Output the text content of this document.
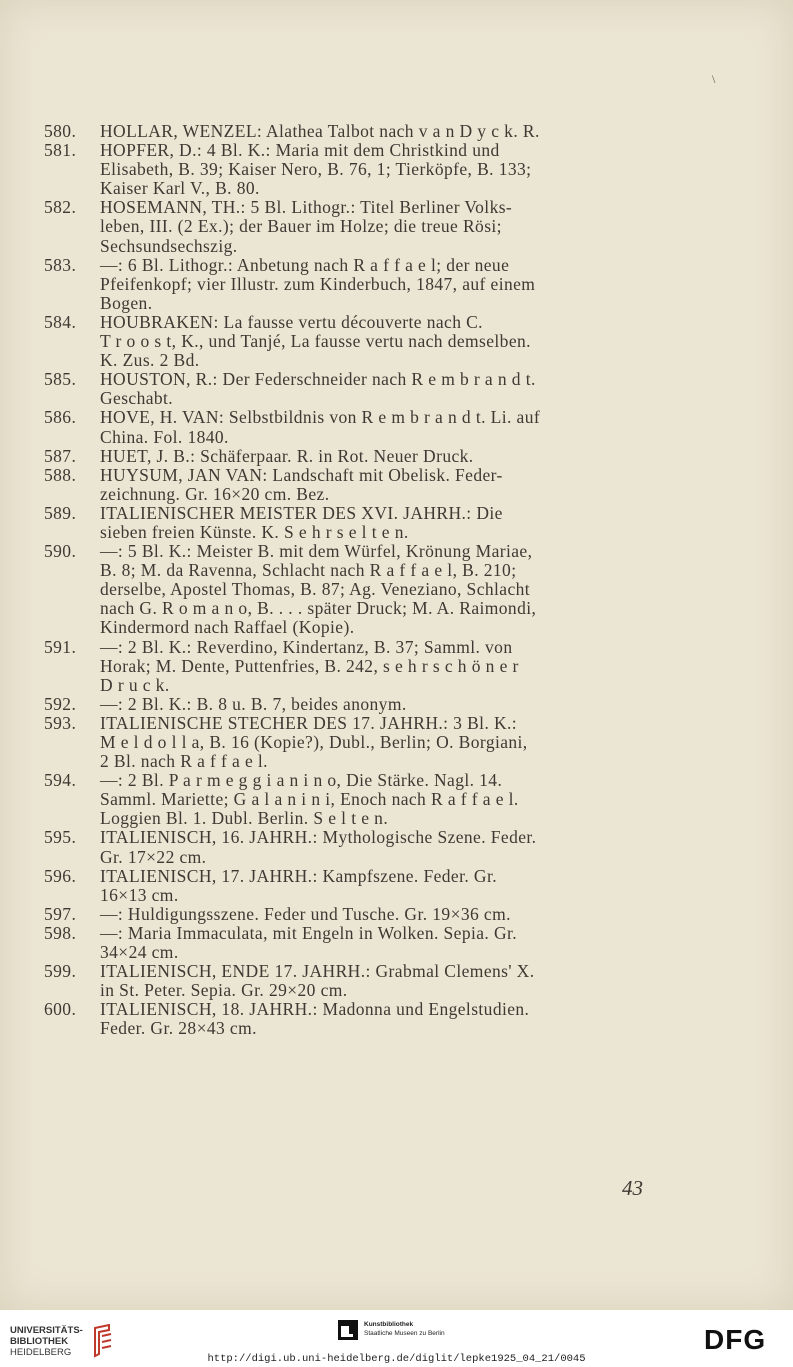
\

580.	HOLLAR, WENZEL: Alathea Talbot nach v a n D y c k. R.
581.	HOPFER, D.: 4 Bl. K.: Maria mit dem Christkind und
Elisabeth, B. 39; Kaiser Nero, B. 76, 1; Tierköpfe, B. 133;
Kaiser Karl V., B. 80.
582.	HOSEMANN, TH.: 5 Bl. Lithogr.: Titel Berliner Volks-
leben, III. (2 Ex.); der Bauer im Holze; die treue Rösi;
Sechsundsechszig.
583.	—: 6 Bl. Lithogr.: Anbetung nach R a f f a e l; der neue
Pfeifenkopf; vier Illustr. zum Kinderbuch, 1847, auf einem
Bogen.
584.	HOUBRAKEN: La fausse vertu découverte nach C.
T r o o s t, K., und Tanjé, La fausse vertu nach demselben.
K. Zus. 2 Bd.
585.	HOUSTON, R.: Der Federschneider nach R e m b r a n d t.
Geschabt.
586.	HOVE, H. VAN: Selbstbildnis von R e m b r a n d t. Li. auf
China. Fol. 1840.
587.	HUET, J. B.: Schäferpaar. R. in Rot. Neuer Druck.
588.	HUYSUM, JAN VAN: Landschaft mit Obelisk. Feder-
zeichnung. Gr. 16×20 cm. Bez.
589.	ITALIENISCHER MEISTER DES XVI. JAHRH.: Die
sieben freien Künste. K. S e h r s e l t e n.
590.	—: 5 Bl. K.: Meister B. mit dem Würfel, Krönung Mariae,
B. 8; M. da Ravenna, Schlacht nach R a f f a e l, B. 210;
derselbe, Apostel Thomas, B. 87; Ag. Veneziano, Schlacht
nach G. R o m a n o, B. . . . später Druck; M. A. Raimondi,
Kindermord nach Raffael (Kopie).
591.	—: 2 Bl. K.: Reverdino, Kindertanz, B. 37; Samml. von
Horak; M. Dente, Puttenfries, B. 242, s e h r s c h ö n e r
D r u c k.
592.	—: 2 Bl. K.: B. 8 u. B. 7, beides anonym.
593.	ITALIENISCHE STECHER DES 17. JAHRH.: 3 Bl. K.:
M e l d o l l a, B. 16 (Kopie?), Dubl., Berlin; O. Borgiani,
2 Bl. nach R a f f a e l.
594.	—: 2 Bl. P a r m e g g i a n i n o, Die Stärke. Nagl. 14.
Samml. Mariette; G a l a n i n i, Enoch nach R a f f a e l.
Loggien Bl. 1. Dubl. Berlin. S e l t e n.
595.	ITALIENISCH, 16. JAHRH.: Mythologische Szene. Feder.
Gr. 17×22 cm.
596.	ITALIENISCH, 17. JAHRH.: Kampfszene. Feder. Gr.
16×13 cm.
597.	—: Huldigungsszene. Feder und Tusche. Gr. 19×36 cm.
598.	—: Maria Immaculata, mit Engeln in Wolken. Sepia. Gr.
34×24 cm.
599.	ITALIENISCH, ENDE 17. JAHRH.: Grabmal Clemens' X.
in St. Peter. Sepia. Gr. 29×20 cm.
600.	ITALIENISCH, 18. JAHRH.: Madonna und Engelstudien.
Feder. Gr. 28×43 cm.

43

UNIVERSITÄTS-
BIBLIOTHEK
HEIDELBERG
Kunstbibliothek
Staatliche Museen zu Berlin	DFG

http://digi.ub.uni-heidelberg.de/diglit/lepke1925_04_21/0045
